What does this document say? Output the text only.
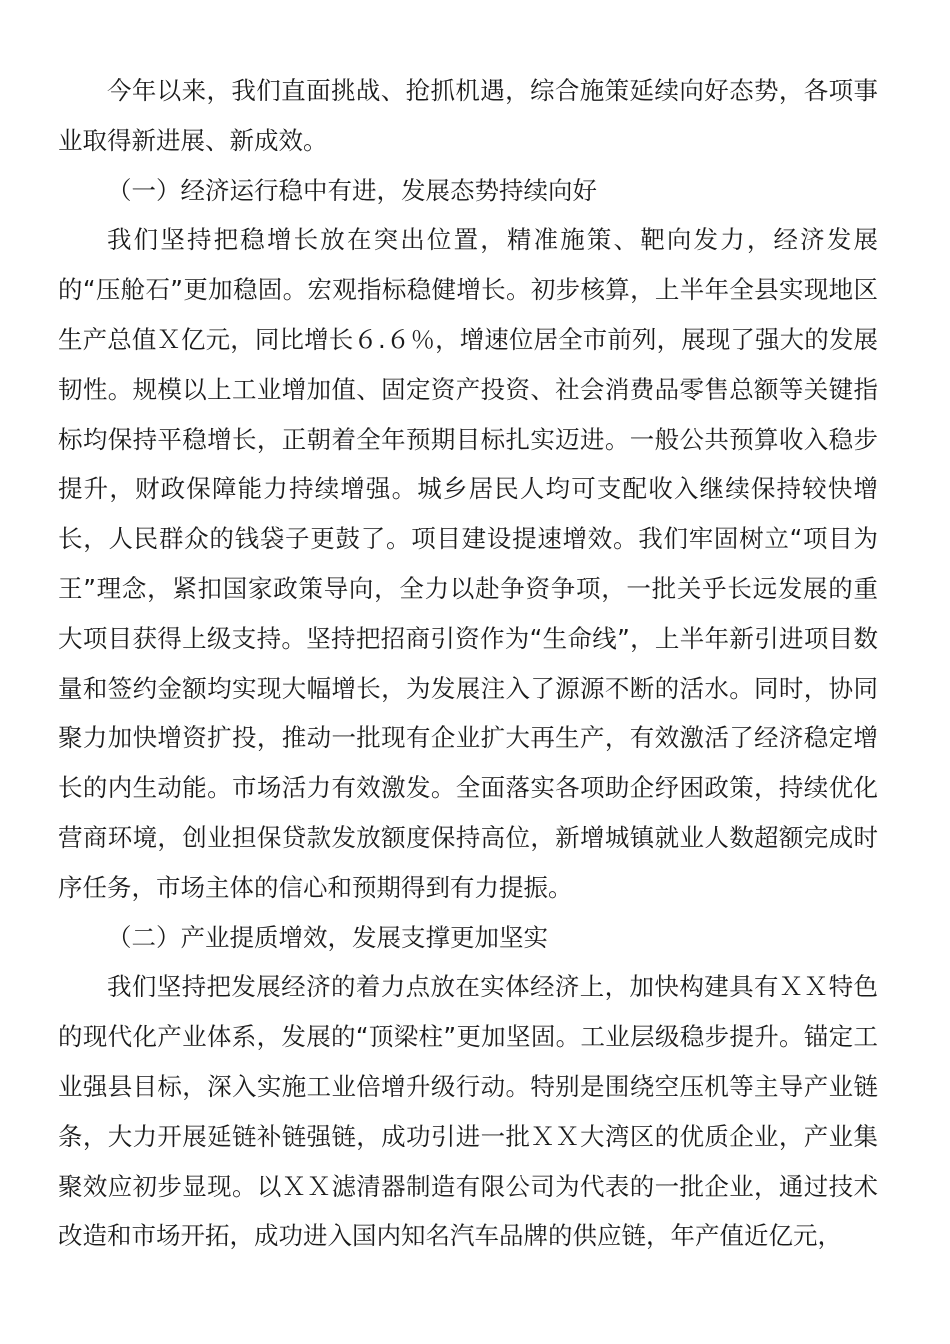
今年以来，我们直面挑战、抢抓机遇，综合施策延续向好态势，各项事业取得新进展、新成效。

（一）经济运行稳中有进，发展态势持续向好

我们坚持把稳增长放在突出位置，精准施策、靶向发力，经济发展的“压舱石”更加稳固。宏观指标稳健增长。初步核算，上半年全县实现地区生产总值Ｘ亿元，同比增长６.６％，增速位居全市前列，展现了强大的发展韧性。规模以上工业增加值、固定资产投资、社会消费品零售总额等关键指标均保持平稳增长，正朝着全年预期目标扎实迈进。一般公共预算收入稳步提升，财政保障能力持续增强。城乡居民人均可支配收入继续保持较快增长，人民群众的钱袋子更鼓了。项目建设提速增效。我们牢固树立“项目为王”理念，紧扣国家政策导向，全力以赴争资争项，一批关乎长远发展的重大项目获得上级支持。坚持把招商引资作为“生命线”，上半年新引进项目数量和签约金额均实现大幅增长，为发展注入了源源不断的活水。同时，协同聚力加快增资扩投，推动一批现有企业扩大再生产，有效激活了经济稳定增长的内生动能。市场活力有效激发。全面落实各项助企纾困政策，持续优化营商环境，创业担保贷款发放额度保持高位，新增城镇就业人数超额完成时序任务，市场主体的信心和预期得到有力提振。

（二）产业提质增效，发展支撑更加坚实

我们坚持把发展经济的着力点放在实体经济上，加快构建具有ＸＸ特色的现代化产业体系，发展的“顶梁柱”更加坚固。工业层级稳步提升。锚定工业强县目标，深入实施工业倍增升级行动。特别是围绕空压机等主导产业链条，大力开展延链补链强链，成功引进一批ＸＸ大湾区的优质企业，产业集聚效应初步显现。以ＸＸ滤清器制造有限公司为代表的一批企业，通过技术改造和市场开拓，成功进入国内知名汽车品牌的供应链，年产值近亿元，
